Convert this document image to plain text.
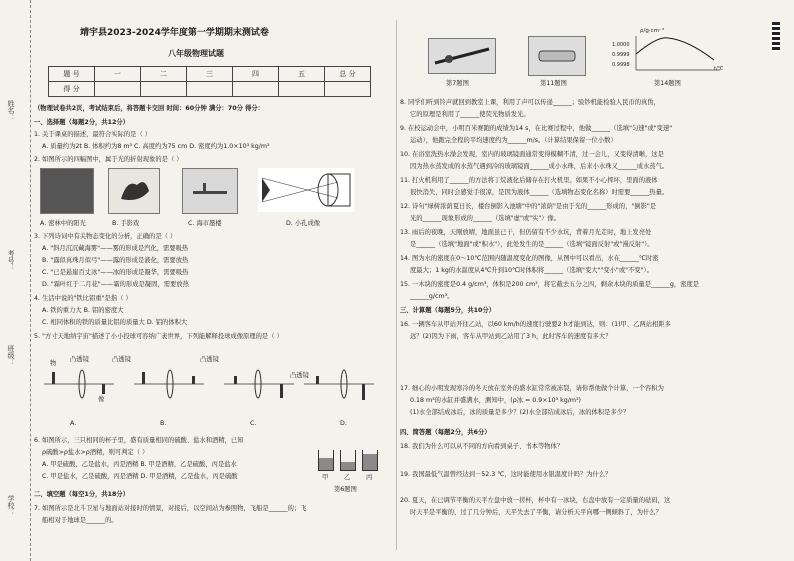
考号：
班级：
姓名：
学校：
靖宇县2023-2024学年度第一学期期末测试卷
八年级物理试题
题 号	一	二	三	四	五	总 分
得 分						
（物理试卷共2页，考试结束后，将答题卡交回 时间：60分钟 满分：70分 得分：
一、选择题（每题2分，共12分）
1. 关于课桌的描述，最符合实际的是（ ）
A. 质量约为2t B. 体积约为8 m³ C. 高度约为75 cm D. 密度约为1.0×10³ kg/m³
2. 如图所示的四幅图中，属于光的折射现象的是（ ）
A. 密林中的阳光	B. 手影戏	C. 海市蜃楼	D. 小孔成像
3. 下列诗词中有关物态变化的分析，正确的是（ ）
A. "斜月沉沉藏海雾"——雾的形成是汽化，需要吸热
B. "露似真珠月似弓"——露的形成是液化，需要放热
C. "已是悬崖百丈冰"——冰的形成是凝华，需要吸热
D. "霜叶红于二月花"——霜的形成是凝固，需要放热
4. 生活中说的"铁比铝重"是指（ ）
A. 铁的重力大 B. 铝的密度大
C. 相同体积的铁的质量比铝的质量大 D. 铝的体积大
5. "方寸天地纳宇宙"描述了小小投球可容纳广袤世界，下列能解释投球成像原理的是（ ）
物
凸透镜
像
凸透镜	凸透镜
凸透镜
A.	B.	C.	D.
6. 如图所示，三只相同的杯子里，盛有质量相同的硫酸、盐水和酒精，已知
ρ硫酸>ρ盐水>ρ酒精，则可判定（ ）
A. 甲是硫酸，乙是盐水，丙是酒精 B. 甲是酒精，乙是硫酸，丙是盐水
C. 甲是盐水，乙是硫酸，丙是酒精 D. 甲是酒精，乙是盐水，丙是硫酸	甲 乙 丙
第6题图
二、填空题（每空1分，共18分）
7. 如图所示是北斗卫星与地面站对接时的情景，对接后，以空间站为参照物，飞船是______的；飞
船相对于地球是______的。
第7题图	第11题图
ρ/g·cm⁻³
1.0000
0.9999
0.9998
t/℃
第14题图
8. 同学们听到铃声就回到教室上课，利用了声可以传递______；验钞机能检验人民币的真伪，
它的原理是利用了______使荧光物质发光。
9. 在校运动会中，小明百米赛跑的成绩为14 s，在比赛过程中，他做______（选填"匀速"或"变速"
运动），他跑完全程的平均速度约为______m/s。（计算结果保留一位小数）
10. 在浴室洗热水澡会发现，室内的玻璃镜面通常变得模糊不清，过一会儿，又变得清晰，这是
因为热水蒸发成的水蒸气遇到冷的玻璃镜面______成小水珠，后来小水珠又______成水蒸气。
11. 打火机利用了______的方法将丁烷液化后储存在打火机里。如果不小心摔坏，里面的液体
很快消失，同时会感觉手很凉，是因为液体______（选填物态变化名称）时需要______热量。
12. 诗句"绿树浓荫夏日长，楼台倒影入池塘"中的"浓荫"是由于光的______形成的，"倒影"是
光的______现象形成的______（选填"虚"或"实"）像。
13. 雨后的夜晚，天刚放晴，地面虽已干，但仍留有不少水坑，背着月光走时，地上发亮处
是______（选填"地面"或"积水"），此处发生的是______（选填"镜面反射"或"漫反射"）。
14. 图为水的密度在0～10℃范围内随温度变化的图像，从图中可以看出，水在______℃时密
度最大；1 kg的水温度从4℃升到10℃时体积将______（选填"变大""变小"或"不变"）。
15. 一木块的密度是0.4 g/cm³，体积是200 cm³，将它截去五分之四，剩余木块的质量是______g，密度是
______g/cm³。
三、计算题（每题5分，共10分）
16. 一辆客车从甲站开往乙站，以60 km/h的速度行驶要2 h才能到达，则：(1)甲、乙两站相距多
远？(2)因为下雨，客车从甲站到乙站用了3 h，此时客车的速度有多大？
17. 细心的小明发现寒冷的冬天放在室外的盛水缸常常被冻裂，请你帮他做个计算，一个容积为
0.18 m³的水缸并盛满水，测知中，(ρ冰 = 0.9×10³ kg/m³)
(1)水全部结成冰后，冰的质量是多少？(2)水全部结成冰后，冰的体积是多少？
四、简答题（每题2分，共6分）
18. 我们为什么可以从不同的方向看到桌子、书本等物体？
19. 我国最低气温曾经达到－52.3 ℃，这时能使用水银温度计吗？为什么？
20. 夏天，在已调节平衡的天平左盘中放一搓杯，杯中有一冰块，右盘中放有一定质量的砝码，这
时天平是平衡的，过了几分钟后，天平失去了平衡，请分析天平向哪一侧倾斜了，为什么？
